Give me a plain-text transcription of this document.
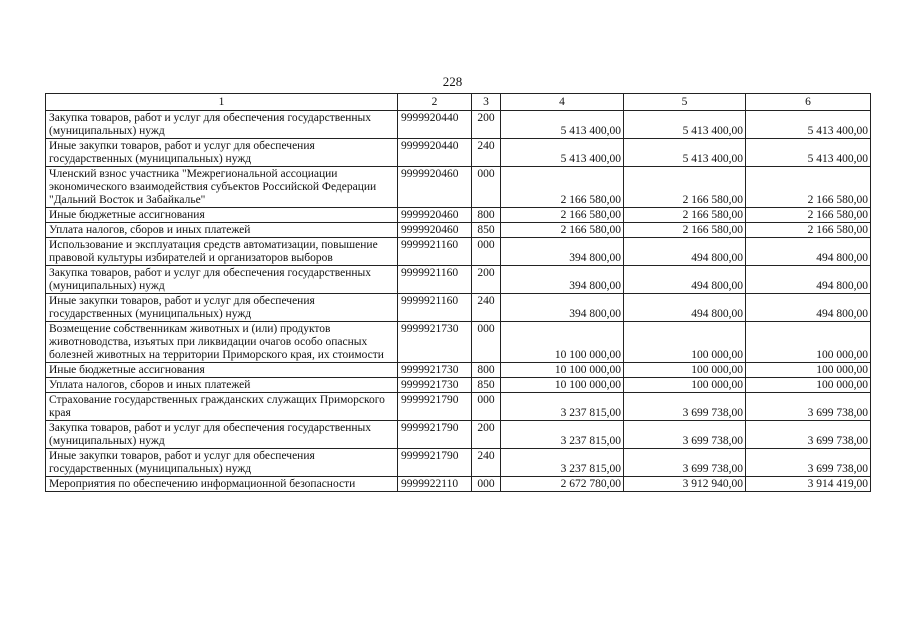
228
1	2	3	4	5	6
Закупка товаров, работ и услуг для обеспечения государственных (муниципальных) нужд	9999920440	200	5 413 400,00	5 413 400,00	5 413 400,00
Иные закупки товаров, работ и услуг для обеспечения государственных (муниципальных) нужд	9999920440	240	5 413 400,00	5 413 400,00	5 413 400,00
Членский взнос участника "Межрегиональной ассоциации экономического взаимодействия субъектов Российской Федерации "Дальний Восток и Забайкалье"	9999920460	000	2 166 580,00	2 166 580,00	2 166 580,00
Иные бюджетные ассигнования	9999920460	800	2 166 580,00	2 166 580,00	2 166 580,00
Уплата налогов, сборов и иных платежей	9999920460	850	2 166 580,00	2 166 580,00	2 166 580,00
Использование и эксплуатация средств автоматизации, повышение правовой культуры избирателей и организаторов выборов	9999921160	000	394 800,00	494 800,00	494 800,00
Закупка товаров, работ и услуг для обеспечения государственных (муниципальных) нужд	9999921160	200	394 800,00	494 800,00	494 800,00
Иные закупки товаров, работ и услуг для обеспечения государственных (муниципальных) нужд	9999921160	240	394 800,00	494 800,00	494 800,00
Возмещение собственникам животных и (или) продуктов животноводства, изъятых при ликвидации очагов особо опасных болезней животных на территории Приморского края, их стоимости	9999921730	000	10 100 000,00	100 000,00	100 000,00
Иные бюджетные ассигнования	9999921730	800	10 100 000,00	100 000,00	100 000,00
Уплата налогов, сборов и иных платежей	9999921730	850	10 100 000,00	100 000,00	100 000,00
Страхование государственных гражданских служащих Приморского края	9999921790	000	3 237 815,00	3 699 738,00	3 699 738,00
Закупка товаров, работ и услуг для обеспечения государственных (муниципальных) нужд	9999921790	200	3 237 815,00	3 699 738,00	3 699 738,00
Иные закупки товаров, работ и услуг для обеспечения государственных (муниципальных) нужд	9999921790	240	3 237 815,00	3 699 738,00	3 699 738,00
Мероприятия по обеспечению информационной безопасности	9999922110	000	2 672 780,00	3 912 940,00	3 914 419,00
